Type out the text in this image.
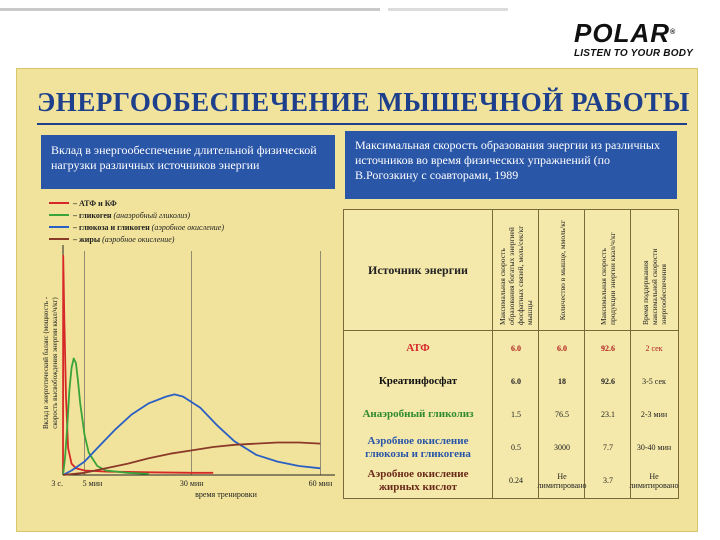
POLAR®
LISTEN TO YOUR BODY
ЭНЕРГООБЕСПЕЧЕНИЕ МЫШЕЧНОЙ РАБОТЫ
Вклад в энергообеспечение длительной физической нагрузки различных источников энергии
Максимальная скорость образования энергии из различных источников во время физических упражнений (по В.Рогозкину с соавторами, 1989
– АТФ и КФ
– гликоген (анаэробный гликолиз)
– глюкоза и гликоген (аэробное окисление)
– жиры (аэробное окисление)
3 с. 5 мин	30 мин	60 мин
время тренировки
Вклад в энергетический баланс (мощность -скорость высвобождения энергии ккал/ч/кг)
Источник энергии	Максимальная скорость образования богатых энергией фосфатных связей, моль/сек/кг мышцы	Количество в мышце, ммоль/кг	Максимальная скорость продукции энергии ккал/ч/кг	Время поддержания максимальной скорости энергообеспечения
АТФ	6.0	6.0	92.6	2 сек
Креатинфосфат	6.0	18	92.6	3-5 сек
Анаэробный гликолиз	1.5	76.5	23.1	2-3 мин
Аэробное окисление глюкозы и гликогена	0.5	3000	7.7	30-40 мин
Аэробное окисление жирных кислот	0.24	Не лимитировано	3.7	Не лимитировано
